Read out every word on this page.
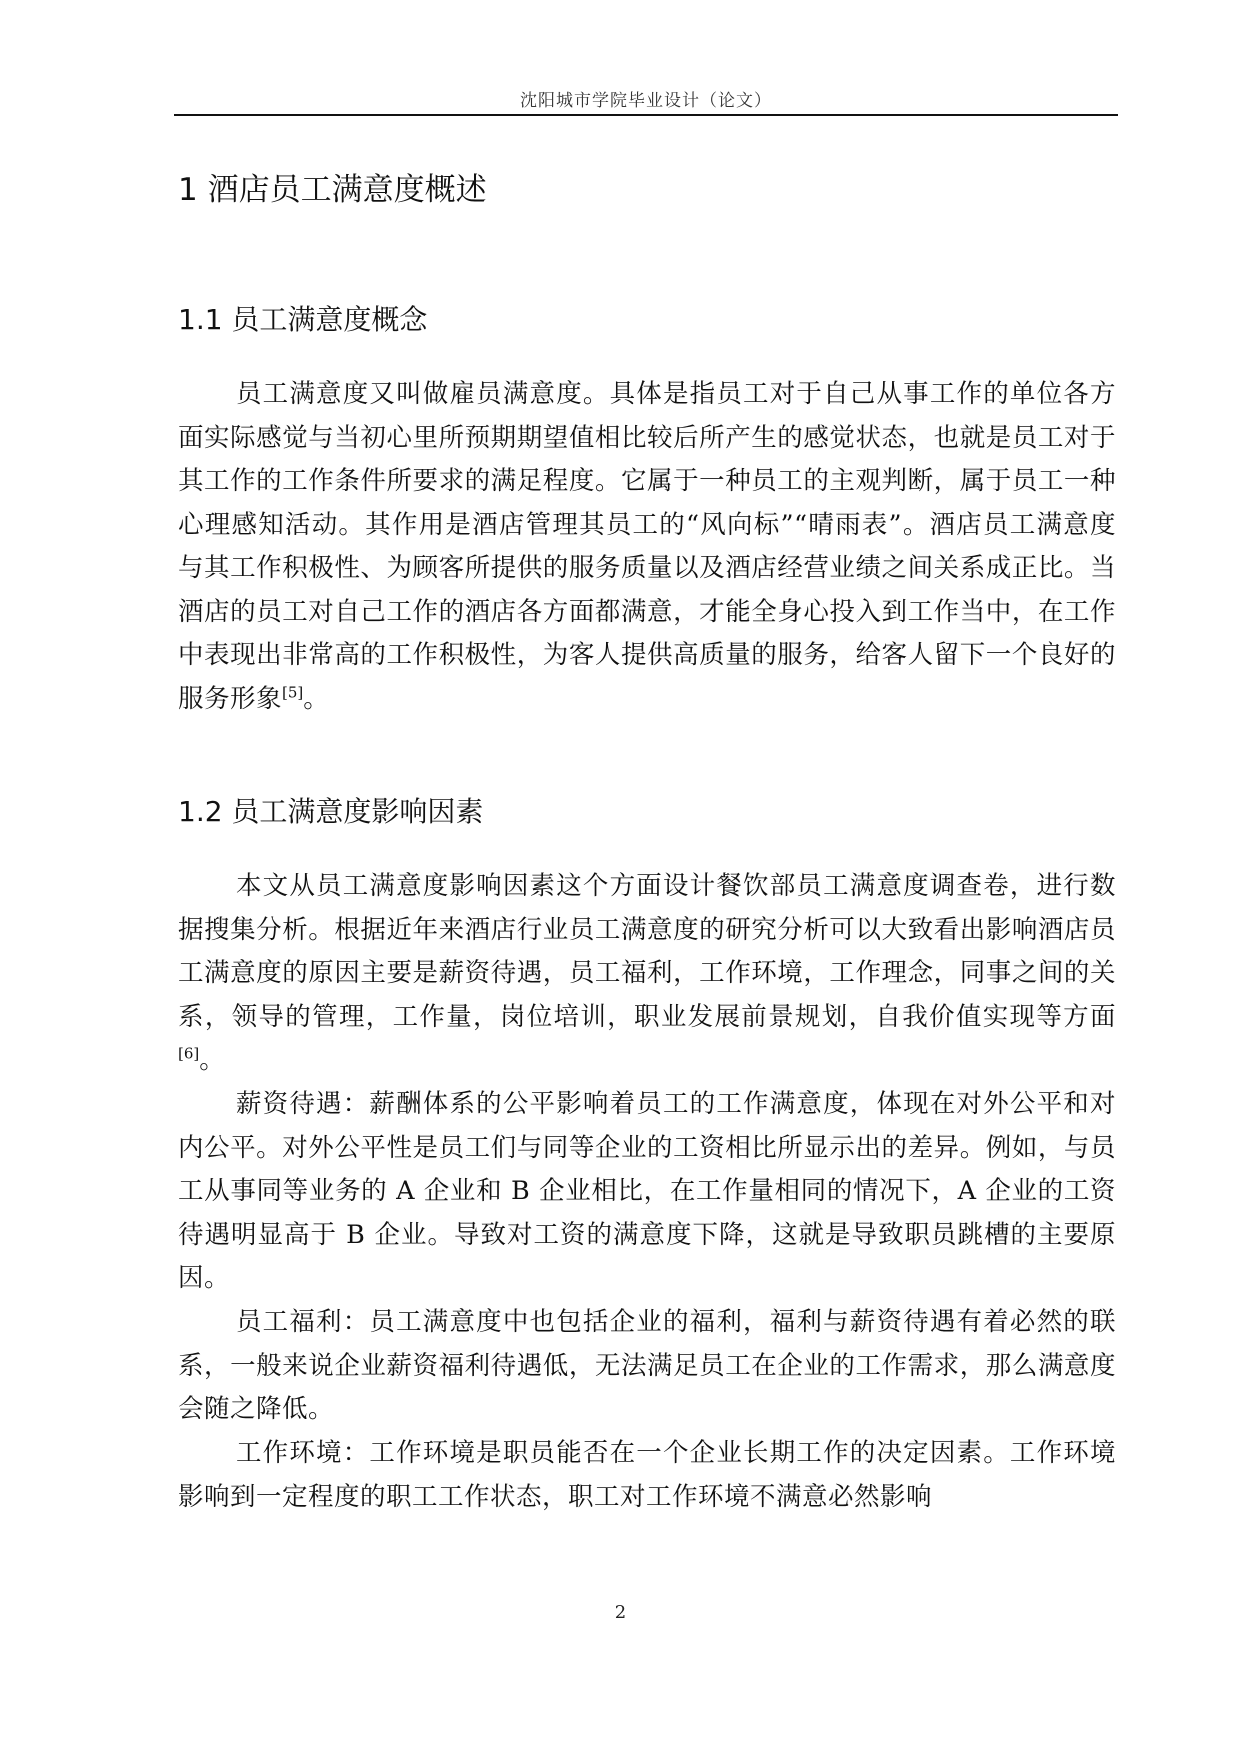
沈阳城市学院毕业设计（论文）
1 酒店员工满意度概述
1.1 员工满意度概念

员工满意度又叫做雇员满意度。具体是指员工对于自己从事工作的单位各方面实际感觉与当初心里所预期期望值相比较后所产生的感觉状态，也就是员工对于其工作的工作条件所要求的满足程度。它属于一种员工的主观判断，属于员工一种心理感知活动。其作用是酒店管理其员工的“风向标”“晴雨表”。酒店员工满意度与其工作积极性、为顾客所提供的服务质量以及酒店经营业绩之间关系成正比。当酒店的员工对自己工作的酒店各方面都满意，才能全身心投入到工作当中，在工作中表现出非常高的工作积极性，为客人提供高质量的服务，给客人留下一个良好的服务形象[5]。

1.2 员工满意度影响因素

本文从员工满意度影响因素这个方面设计餐饮部员工满意度调查卷，进行数据搜集分析。根据近年来酒店行业员工满意度的研究分析可以大致看出影响酒店员工满意度的原因主要是薪资待遇，员工福利，工作环境，工作理念，同事之间的关系，领导的管理，工作量，岗位培训，职业发展前景规划，自我价值实现等方面[6]。

薪资待遇：薪酬体系的公平影响着员工的工作满意度，体现在对外公平和对内公平。对外公平性是员工们与同等企业的工资相比所显示出的差异。例如，与员工从事同等业务的 A 企业和 B 企业相比，在工作量相同的情况下，A 企业的工资待遇明显高于 B 企业。导致对工资的满意度下降，这就是导致职员跳槽的主要原因。

员工福利：员工满意度中也包括企业的福利，福利与薪资待遇有着必然的联系，一般来说企业薪资福利待遇低，无法满足员工在企业的工作需求，那么满意度会随之降低。

工作环境：工作环境是职员能否在一个企业长期工作的决定因素。工作环境影响到一定程度的职工工作状态，职工对工作环境不满意必然影响

2
